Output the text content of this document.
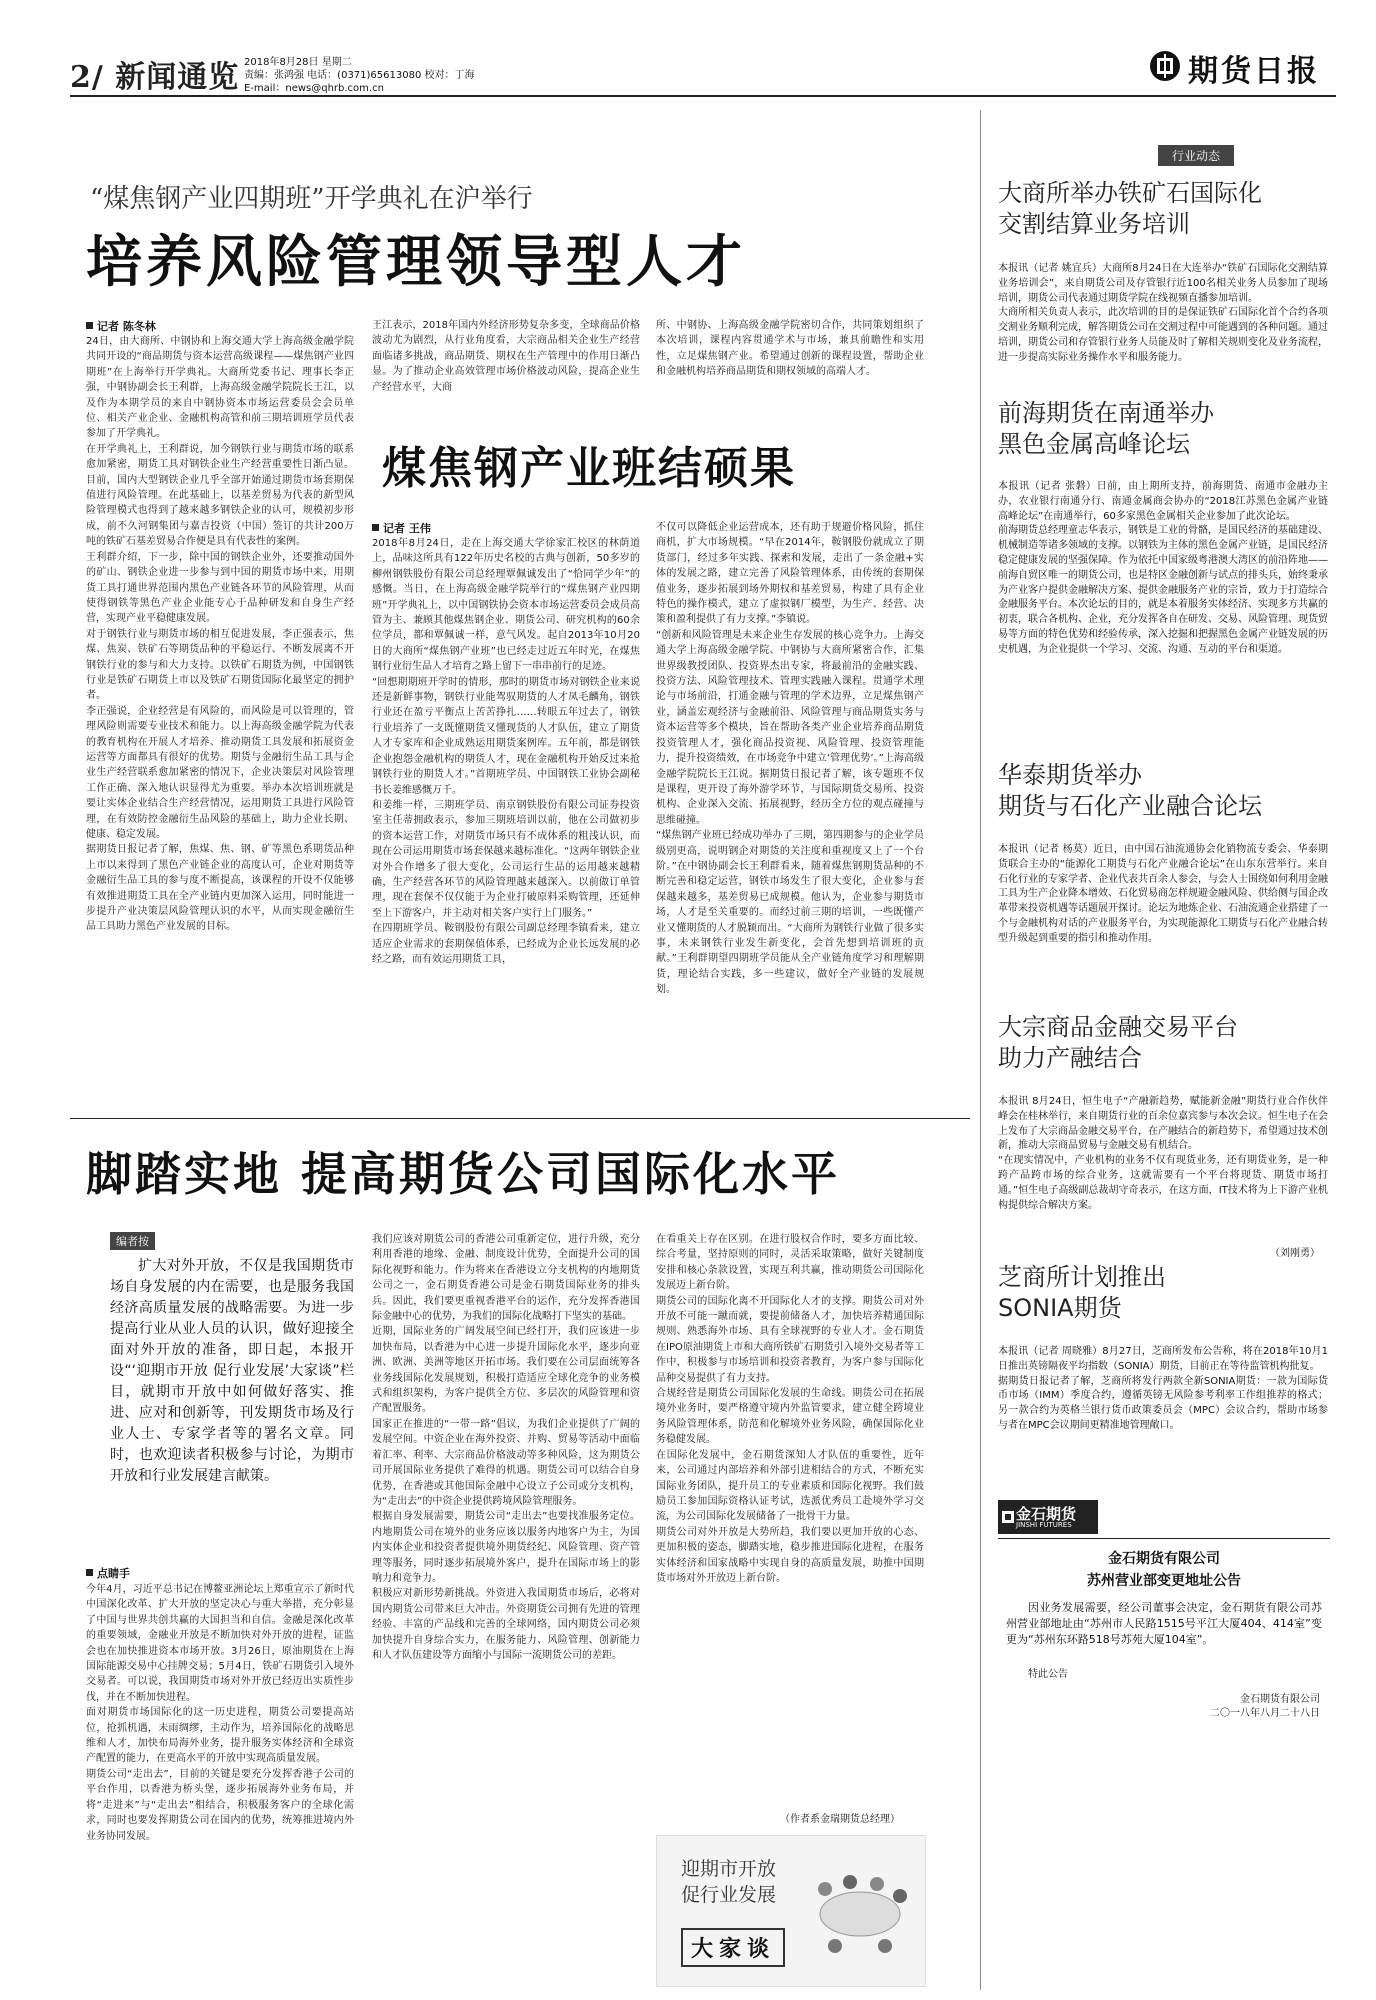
2/ 新闻通览 2018年8月28日 星期二
责编：张鸿强 电话：(0371)65613080 校对：丁海
E-mail：news@qhrb.com.cn	期货日报
“煤焦钢产业四期班”开学典礼在沪举行
培养风险管理领导型人才
记者 陈冬林
24日，由大商所、中钢协和上海交通大学上海高级金融学院共同开设的“商品期货与资本运营高级课程——煤焦钢产业四期班”在上海举行开学典礼。大商所党委书记、理事长李正强，中钢协副会长王利群，上海高级金融学院院长王江，以及作为本期学员的来自中钢协资本市场运营委员会会员单位、相关产业企业、金融机构高管和前三期培训班学员代表参加了开学典礼。
在开学典礼上，王利群说，加今钢铁行业与期货市场的联系愈加紧密，期货工具对钢铁企业生产经营重要性日渐凸显。目前，国内大型钢铁企业几乎全部开始通过期货市场套期保值进行风险管理。在此基础上，以基差贸易为代表的新型风险管理模式也得到了越来越多钢铁企业的认可，规模初步形成，前不久河钢集团与嘉吉投资（中国）签订的共计200万吨的铁矿石基差贸易合作便是具有代表性的案例。
王利群介绍，下一步，除中国的钢铁企业外，还要推动国外的矿山、钢铁企业进一步参与到中国的期货市场中来，用期货工具打通世界范围内黑色产业链各环节的风险管理，从而使得钢铁等黑色产业企业能专心于品种研发和自身生产经营，实现产业平稳健康发展。
对于钢铁行业与期货市场的相互促进发展，李正强表示，焦煤、焦炭、铁矿石等期货品种的平稳运行、不断发展离不开钢铁行业的参与和大力支持。以铁矿石期货为例，中国钢铁行业是铁矿石期货上市以及铁矿石期货国际化最坚定的拥护者。
李正强说，企业经营是有风险的，而风险是可以管理的，管理风险则需要专业技术和能力。以上海高级金融学院为代表的教育机构在开展人才培养、推动期货工具发展和拓展资金运营等方面都具有很好的优势。期货与金融衍生品工具与企业生产经营联系愈加紧密的情况下，企业决策层对风险管理工作正确、深入地认识显得尤为重要。举办本次培训班就是要让实体企业结合生产经营情况，运用期货工具进行风险管理，在有效防控金融衍生品风险的基础上，助力企业长期、健康、稳定发展。
据期货日报记者了解，焦煤、焦、钢、矿等黑色系期货品种上市以来得到了黑色产业链企业的高度认可，企业对期货等金融衍生品工具的参与度不断提高，该课程的开设不仅能够有效推进期货工具在全产业链内更加深入运用，同时能进一步提升产业决策层风险管理认识的水平，从而实现金融衍生品工具助力黑色产业发展的目标。
王江表示，2018年国内外经济形势复杂多变，全球商品价格波动尤为剧烈，从行业角度看，大宗商品相关企业生产经营面临诸多挑战，商品期货、期权在生产管理中的作用日渐凸显。为了推动企业高效管理市场价格波动风险，提高企业生产经营水平，大商
所、中钢协、上海高级金融学院密切合作，共同策划组织了本次培训，课程内容贯通学术与市场，兼具前瞻性和实用性，立足煤焦钢产业。希望通过创新的课程设置，帮助企业和金融机构培养商品期货和期权领域的高端人才。
煤焦钢产业班结硕果
记者 王伟
2018年8月24日，走在上海交通大学徐家汇校区的林荫道上，品味这所具有122年历史名校的古典与创新，50多岁的柳州钢铁股份有限公司总经理覃佩诚发出了“恰同学少年”的感慨。当日，在上海高级金融学院举行的“煤焦钢产业四期班”开学典礼上，以中国钢铁协会资本市场运营委员会成员高管为主、兼顾其他煤焦钢企业、期货公司、研究机构的60余位学员，都和覃佩诚一样，意气风发。起自2013年10月20日的大商所“煤焦钢产业班”也已经走过近五年时光，在煤焦钢行业衍生品人才培育之路上留下一串串前行的足迹。
“回想期期班开学时的情形，那时的期货市场对钢铁企业来说还是新鲜事物，钢铁行业能驾驭期货的人才凤毛麟角，钢铁行业还在盈亏平衡点上苦苦挣扎……转眼五年过去了，钢铁行业培养了一支既懂期货又懂现货的人才队伍，建立了期货人才专家库和企业成熟运用期货案例库。五年前，都是钢铁企业抱怨金融机构的期货人才，现在金融机构开始反过来抢钢铁行业的期货人才。”首期班学员、中国钢铁工业协会副秘书长姜维感慨万千。
和姜维一样，三期班学员、南京钢铁股份有限公司证券投资室主任蒂拥政表示，参加三期班培训以前，他在公司做初步的资本运营工作，对期货市场只有不成体系的粗浅认识，而现在公司运用期货市场套保越来越标准化。“这两年钢铁企业对外合作增多了很大变化，公司运行生品的运用越来越精确，生产经营各环节的风险管理越来越深入。以前做订单管理，现在套保不仅仅能于为企业打破原料采购管理，还延伸至上下游客户，并主动对相关客户实行上门服务。”
在四期班学员、鞍钢股份有限公司副总经理李镇看来，建立适应企业需求的套期保值体系，已经成为企业长远发展的必经之路，而有效运用期货工具，
不仅可以降低企业运营成本，还有助于规避价格风险，抓住商机，扩大市场规模。“早在2014年，鞍钢股份就成立了期货部门，经过多年实践、探索和发展，走出了一条金融+实体的发展之路，建立完善了风险管理体系，由传统的套期保值业务，逐步拓展到场外期权和基差贸易，构建了具有企业特色的操作模式，建立了虚拟钢厂模型，为生产、经营、决策和盈利提供了有力支撑。”李镇说。
“创新和风险管理是未来企业生存发展的核心竞争力。上海交通大学上海高级金融学院、中钢协与大商所紧密合作，汇集世界级教授团队、投资界杰出专家，将最前沿的金融实践、投资方法、风险管理技术、管理实践融入课程。贯通学术理论与市场前沿，打通金融与管理的学术边界，立足煤焦钢产业，涵盖宏观经济与金融前沿、风险管理与商品期货实务与资本运营等多个模块，旨在帮助各类产业企业培养商品期货投资管理人才，强化商品投资视、风险管理、投资管理能力，提升投资绩效，在市场竞争中建立‘管理优势’。”上海高级金融学院院长王江说。据期货日报记者了解，该专题班不仅是课程，更开设了海外游学环节，与国际期货交易所、投资机构、企业深入交流、拓展视野，经历全方位的观点碰撞与思维碰撞。
“煤焦钢产业班已经成功举办了三期，第四期参与的企业学员级别更高，说明钢企对期货的关注度和重视度又上了一个台阶。”在中钢协副会长王利群看来，随着煤焦钢期货品种的不断完善和稳定运营，钢铁市场发生了很大变化，企业参与套保越来越多，基差贸易已成规模。他认为，企业参与期货市场，人才是至关重要的。而经过前三期的培训，一些既懂产业又懂期货的人才脱颖而出。“大商所为钢铁行业做了很多实事，未来钢铁行业发生新变化，会首先想到培训班的贡献。”王利群期望四期班学员能从全产业链角度学习和理解期货，理论结合实践，多一些建议，做好全产业链的发展规划。
脚踏实地 提高期货公司国际化水平
编者按
扩大对外开放，不仅是我国期货市场自身发展的内在需要，也是服务我国经济高质量发展的战略需要。为进一步提高行业从业人员的认识，做好迎接全面对外开放的准备，即日起，本报开设“‘迎期市开放 促行业发展’大家谈”栏目，就期市开放中如何做好落实、推进、应对和创新等，刊发期货市场及行业人士、专家学者等的署名文章。同时，也欢迎读者积极参与讨论，为期市开放和行业发展建言献策。
点睛手
今年4月，习近平总书记在博鳌亚洲论坛上郑重宣示了新时代中国深化改革、扩大开放的坚定决心与重大举措，充分彰显了中国与世界共创共赢的大国担当和自信。金融是深化改革的重要领域，金融业开放是不断加快对外开放的进程，证监会也在加快推进资本市场开放。3月26日，原油期货在上海国际能源交易中心挂牌交易；5月4日，铁矿石期货引入境外交易者。可以说，我国期货市场对外开放已经迈出实质性步伐，并在不断加快进程。
面对期货市场国际化的这一历史进程，期货公司要提高站位，抢抓机遇，未雨绸缪，主动作为，培养国际化的战略思维和人才，加快布局海外业务，提升服务实体经济和全球资产配置的能力，在更高水平的开放中实现高质量发展。
期货公司“走出去”，目前的关键是要充分发挥香港子公司的平台作用，以香港为桥头堡，逐步拓展海外业务布局，并将“走进来”与“走出去”相结合，积极服务客户的全球化需求，同时也要发挥期货公司在国内的优势，统筹推进境内外业务协同发展。
我们应该对期货公司的香港公司重新定位，进行升级，充分利用香港的地缘、金融、制度设计优势，全面提升公司的国际化视野和能力。作为将来在香港设立分支机构的内地期货公司之一，金石期货香港公司是金石期货国际业务的排头兵。因此，我们要更重视香港平台的运作，充分发挥香港国际金融中心的优势，为我们的国际化战略打下坚实的基础。
近期，国际业务的广阔发展空间已经打开，我们应该进一步加快布局，以香港为中心进一步提升国际化水平，逐步向亚洲、欧洲、美洲等地区开拓市场。我们要在公司层面统筹各业务线国际化发展规划，积极打造适应全球化竞争的业务模式和组织架构，为客户提供全方位、多层次的风险管理和资产配置服务。
国家正在推进的“一带一路”倡议，为我们企业提供了广阔的发展空间。中资企业在海外投资、并购、贸易等活动中面临着汇率、利率、大宗商品价格波动等多种风险，这为期货公司开展国际业务提供了难得的机遇。期货公司可以结合自身优势，在香港或其他国际金融中心设立子公司或分支机构，为“走出去”的中资企业提供跨境风险管理服务。
根据自身发展需要，期货公司“走出去”也要找准服务定位。内地期货公司在境外的业务应该以服务内地客户为主，为国内实体企业和投资者提供境外期货经纪、风险管理、资产管理等服务，同时逐步拓展境外客户，提升在国际市场上的影响力和竞争力。
积极应对新形势新挑战。外资进入我国期货市场后，必将对国内期货公司带来巨大冲击。外资期货公司拥有先进的管理经验、丰富的产品线和完善的全球网络，国内期货公司必须加快提升自身综合实力，在服务能力、风险管理、创新能力和人才队伍建设等方面缩小与国际一流期货公司的差距。
在看重关上存在区别。在进行股权合作时，要多方面比较、综合考量，坚持原则的同时，灵活采取策略，做好关键制度安排和核心条款设置，实现互利共赢，推动期货公司国际化发展迈上新台阶。
期货公司的国际化离不开国际化人才的支撑。期货公司对外开放不可能一蹴而就，要提前储备人才，加快培养精通国际规则、熟悉海外市场、具有全球视野的专业人才。金石期货在IPO原油期货上市和大商所铁矿石期货引入境外交易者等工作中，积极参与市场培训和投资者教育，为客户参与国际化品种交易提供了有力支持。
合规经营是期货公司国际化发展的生命线。期货公司在拓展境外业务时，要严格遵守境内外监管要求，建立健全跨境业务风险管理体系，防范和化解境外业务风险，确保国际化业务稳健发展。
在国际化发展中，金石期货深知人才队伍的重要性，近年来，公司通过内部培养和外部引进相结合的方式，不断充实国际业务团队，提升员工的专业素质和国际化视野。我们鼓励员工参加国际资格认证考试，选派优秀员工赴境外学习交流，为公司国际化发展储备了一批骨干力量。
期货公司对外开放是大势所趋，我们要以更加开放的心态、更加积极的姿态，脚踏实地，稳步推进国际化进程，在服务实体经济和国家战略中实现自身的高质量发展，助推中国期货市场对外开放迈上新台阶。
（作者系金瑞期货总经理）
迎期市开放
促行业发展
大家谈
行业动态
大商所举办铁矿石国际化
交割结算业务培训
本报讯（记者 姚宜兵）大商所8月24日在大连举办“铁矿石国际化交割结算业务培训会”，来自期货公司及存管银行近100名相关业务人员参加了现场培训，期货公司代表通过期货学院在线视频直播参加培训。
大商所相关负责人表示，此次培训的目的是保证铁矿石国际化首个合约各项交割业务顺利完成，解答期货公司在交割过程中可能遇到的各种问题。通过培训，期货公司和存管银行业务人员能及时了解相关规则变化及业务流程，进一步提高实际业务操作水平和服务能力。
前海期货在南通举办
黑色金属高峰论坛
本报讯（记者 张磐）日前，由上期所支持，前海期货、南通市金融办主办，农业银行南通分行、南通金属商会协办的“2018江苏黑色金属产业链高峰论坛”在南通举行，60多家黑色金属相关企业参加了此次论坛。
前海期货总经理童志华表示，钢铁是工业的骨骼，是国民经济的基础建设、机械制造等诸多领域的支撑。以钢铁为主体的黑色金属产业链，是国民经济稳定健康发展的坚强保障。作为依托中国家级粤港澳大湾区的前沿阵地——前海自贸区唯一的期货公司，也是特区金融创新与试点的排头兵，始终秉承为产业客户提供金融解决方案、提供金融服务产业的宗旨，致力于打造综合金融服务平台。本次论坛的目的，就是本着服务实体经济、实现多方共赢的初衷，联合各机构、企业，充分发挥各自在研发、交易、风险管理、现货贸易等方面的特色优势和经验传承，深入挖掘和把握黑色金属产业链发展的历史机遇，为企业提供一个学习、交流、沟通、互动的平台和渠道。
华泰期货举办
期货与石化产业融合论坛
本报讯（记者 杨莫）近日，由中国石油流通协会化销物流专委会、华泰期货联合主办的“能源化工期货与石化产业融合论坛”在山东东营举行。来自石化行业的专家学者、企业代表共百余人参会，与会人士围绕如何利用金融工具为生产企业降本增效、石化贸易商怎样规避金融风险、供给侧与国企改革带来投资机遇等话题展开探讨。论坛为地炼企业、石油流通企业搭建了一个与金融机构对话的产业服务平台，为实现能源化工期货与石化产业融合转型升级起到重要的指引和推动作用。
大宗商品金融交易平台
助力产融结合
本报讯 8月24日，恒生电子“产融新趋势，赋能新金融”期货行业合作伙伴峰会在桂林举行，来自期货行业的百余位嘉宾参与本次会议。恒生电子在会上发布了大宗商品金融交易平台，在产融结合的新趋势下，希望通过技术创新，推动大宗商品贸易与金融交易有机结合。
“在现实情况中，产业机构的业务不仅有现货业务，还有期货业务，是一种跨产品跨市场的综合业务，这就需要有一个平台将现货、期货市场打通。”恒生电子高级副总裁胡守奇表示，在这方面，IT技术将为上下游产业机构提供综合解决方案。
（刘刚勇）
芝商所计划推出
SONIA期货
本报讯（记者 周晓雅）8月27日，芝商所发布公告称，将在2018年10月1日推出英镑隔夜平均指数（SONIA）期货，目前正在等待监管机构批复。
据期货日报记者了解，芝商所将发行两款全新SONIA期货：一款为国际货币市场（IMM）季度合约，遵循英镑无风险参考利率工作组推荐的格式；另一款合约为英格兰银行货币政策委员会（MPC）会议合约，帮助市场参与者在MPC会议期间更精准地管理敞口。
金石期货
JINSHI FUTURES
金石期货有限公司
苏州营业部变更地址公告
因业务发展需要，经公司董事会决定，金石期货有限公司苏州营业部地址由“苏州市人民路1515号平江大厦404、414室”变更为“苏州东环路518号苏苑大厦104室”。
特此公告
金石期货有限公司
二〇一八年八月二十八日
